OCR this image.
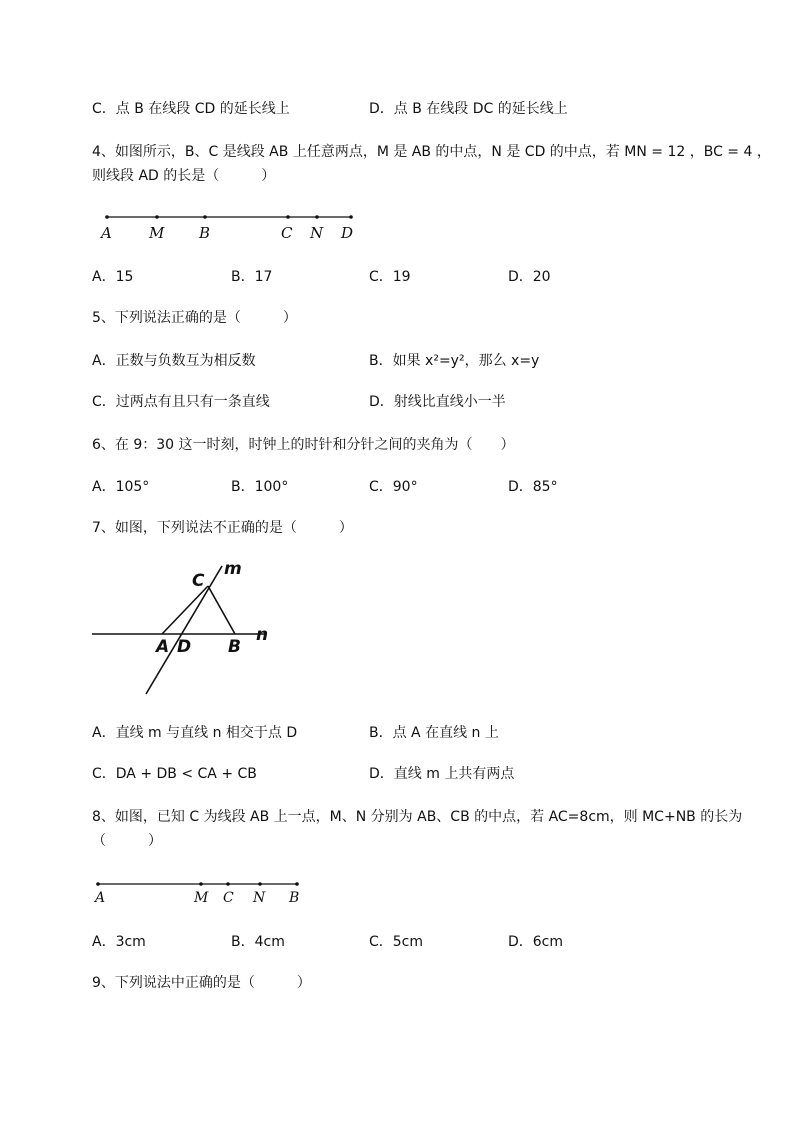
C．点 B 在线段 CD 的延长线上	D．点 B 在线段 DC 的延长线上
4、如图所示，B、C 是线段 AB 上任意两点，M 是 AB 的中点，N 是 CD 的中点，若 MN = 12 ，BC = 4 ，
则线段 AD 的长是（　　　）
A M B	C N D
A．15	B．17	C．19	D．20
5、下列说法正确的是（　　　）
A．正数与负数互为相反数	B．如果 x²=y²，那么 x=y
C．过两点有且只有一条直线	D．射线比直线小一半
6、在 9：30 这一时刻，时钟上的时针和分针之间的夹角为（　　）
A．105°	B．100°	C．90°	D．85°
7、如图，下列说法不正确的是（　　　）
C
m
A D B
n
A．直线 m 与直线 n 相交于点 D	B．点 A 在直线 n 上
C．DA + DB < CA + CB	D．直线 m 上共有两点
8、如图，已知 C 为线段 AB 上一点，M、N 分别为 AB、CB 的中点，若 AC=8cm，则 MC+NB 的长为
（　　　）
A	M C N B
A．3cm	B．4cm	C．5cm	D．6cm
9、下列说法中正确的是（　　　）
